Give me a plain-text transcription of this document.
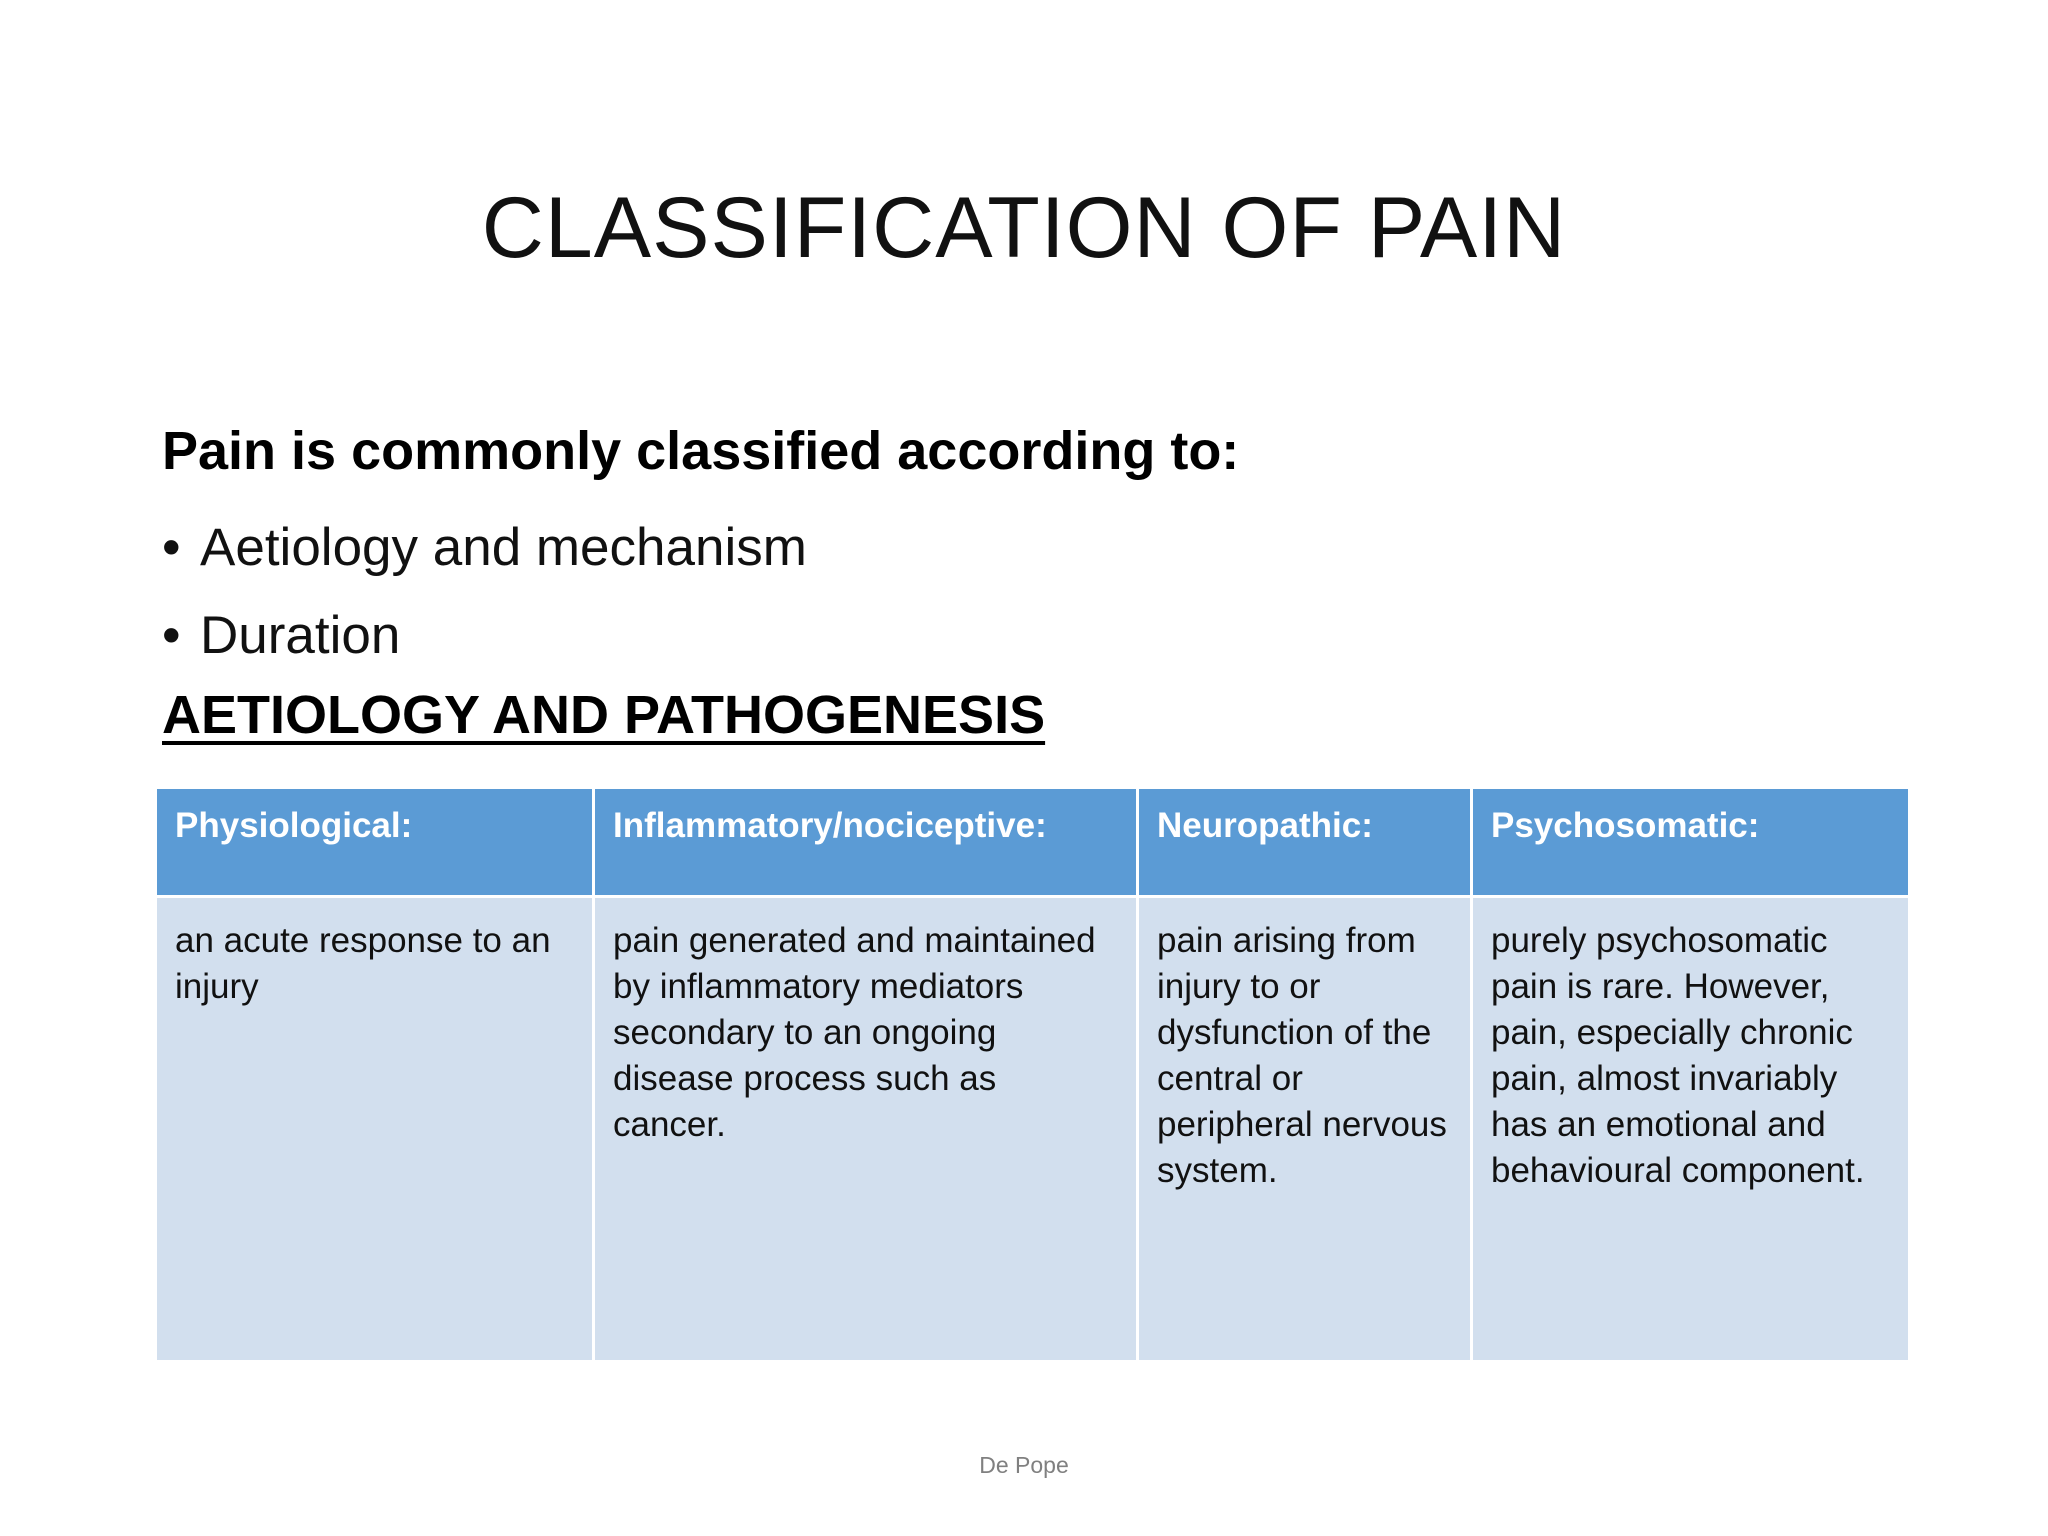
CLASSIFICATION OF PAIN
Pain is commonly classified according to:
• Aetiology and mechanism
• Duration
AETIOLOGY AND PATHOGENESIS
Physiological:	Inflammatory/nociceptive:	Neuropathic:	Psychosomatic:
an acute response to an injury	pain generated and maintained by inflammatory mediators secondary to an ongoing disease process such as cancer.	pain arising from injury to or dysfunction of the central or peripheral nervous system.	purely psychosomatic pain is rare. However, pain, especially chronic pain, almost invariably has an emotional and behavioural component.
De Pope
